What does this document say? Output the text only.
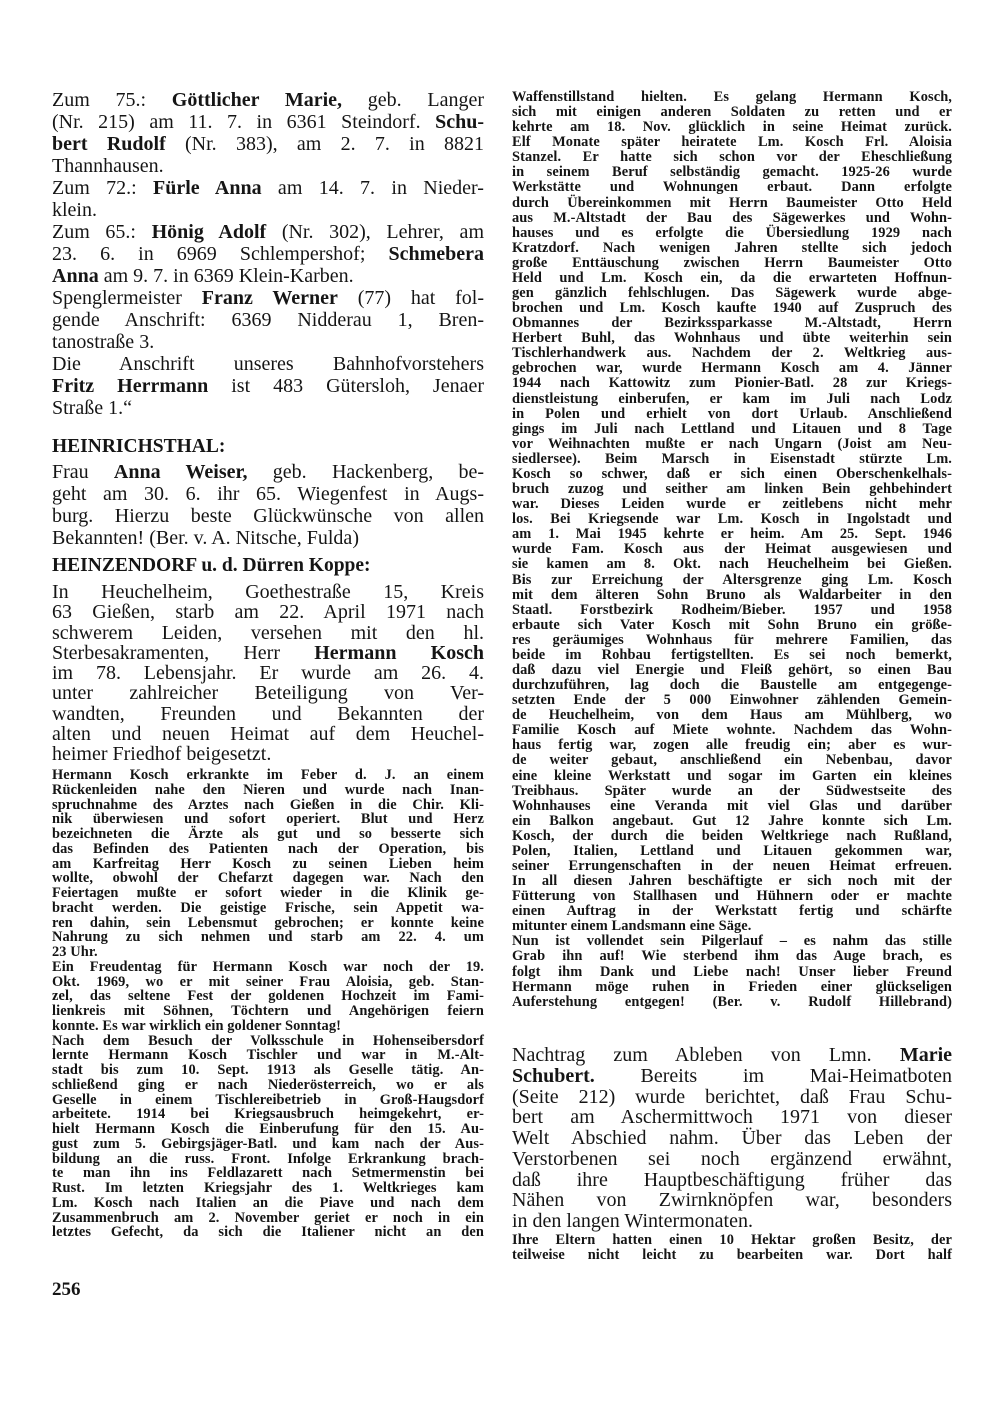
Zum 75.: Göttlicher Marie, geb. Langer
(Nr. 215) am 11. 7. in 6361 Steindorf. Schu-
bert Rudolf (Nr. 383), am 2. 7. in 8821
Thannhausen.
Zum 72.: Fürle Anna am 14. 7. in Nieder-
klein.
Zum 65.: Hönig Adolf (Nr. 302), Lehrer, am
23. 6. in 6969 Schlempershof; Schmebera
Anna am 9. 7. in 6369 Klein-Karben.
Spenglermeister Franz Werner (77) hat fol-
gende Anschrift: 6369 Nidderau 1, Bren-
tanostraße 3.
Die Anschrift unseres Bahnhofvorstehers
Fritz Herrmann ist 483 Gütersloh, Jenaer
Straße 1.“
HEINRICHSTHAL:
Frau Anna Weiser, geb. Hackenberg, be-
geht am 30. 6. ihr 65. Wiegenfest in Augs-
burg. Hierzu beste Glückwünsche von allen
Bekannten! (Ber. v. A. Nitsche, Fulda)
HEINZENDORF u. d. Dürren Koppe:
In Heuchelheim, Goethestraße 15, Kreis
63 Gießen, starb am 22. April 1971 nach
schwerem Leiden, versehen mit den hl.
Sterbesakramenten, Herr Hermann Kosch
im 78. Lebensjahr. Er wurde am 26. 4.
unter zahlreicher Beteiligung von Ver-
wandten, Freunden und Bekannten der
alten und neuen Heimat auf dem Heuchel-
heimer Friedhof beigesetzt.
Hermann Kosch erkrankte im Feber d. J. an einem
Rückenleiden nahe den Nieren und wurde nach Inan-
spruchnahme des Arztes nach Gießen in die Chir. Kli-
nik überwiesen und sofort operiert. Blut und Herz
bezeichneten die Ärzte als gut und so besserte sich
das Befinden des Patienten nach der Operation, bis
am Karfreitag Herr Kosch zu seinen Lieben heim
wollte, obwohl der Chefarzt dagegen war. Nach den
Feiertagen mußte er sofort wieder in die Klinik ge-
bracht werden. Die geistige Frische, sein Appetit wa-
ren dahin, sein Lebensmut gebrochen; er konnte keine
Nahrung zu sich nehmen und starb am 22. 4. um
23 Uhr.
Ein Freudentag für Hermann Kosch war noch der 19.
Okt. 1969, wo er mit seiner Frau Aloisia, geb. Stan-
zel, das seltene Fest der goldenen Hochzeit im Fami-
lienkreis mit Söhnen, Töchtern und Angehörigen feiern
konnte. Es war wirklich ein goldener Sonntag!
Nach dem Besuch der Volksschule in Hohenseibersdorf
lernte Hermann Kosch Tischler und war in M.-Alt-
stadt bis zum 10. Sept. 1913 als Geselle tätig. An-
schließend ging er nach Niederösterreich, wo er als
Geselle in einem Tischlereibetrieb in Groß-Haugsdorf
arbeitete. 1914 bei Kriegsausbruch heimgekehrt, er-
hielt Hermann Kosch die Einberufung für den 15. Au-
gust zum 5. Gebirgsjäger-Batl. und kam nach der Aus-
bildung an die russ. Front. Infolge Erkrankung brach-
te man ihn ins Feldlazarett nach Setmermenstin bei
Rust. Im letzten Kriegsjahr des 1. Weltkrieges kam
Lm. Kosch nach Italien an die Piave und nach dem
Zusammenbruch am 2. November geriet er noch in ein
letztes Gefecht, da sich die Italiener nicht an den
Waffenstillstand hielten. Es gelang Hermann Kosch,
sich mit einigen anderen Soldaten zu retten und er
kehrte am 18. Nov. glücklich in seine Heimat zurück.
Elf Monate später heiratete Lm. Kosch Frl. Aloisia
Stanzel. Er hatte sich schon vor der Eheschließung
in seinem Beruf selbständig gemacht. 1925-26 wurde
Werkstätte und Wohnungen erbaut. Dann erfolgte
durch Übereinkommen mit Herrn Baumeister Otto Held
aus M.-Altstadt der Bau des Sägewerkes und Wohn-
hauses und es erfolgte die Übersiedlung 1929 nach
Kratzdorf. Nach wenigen Jahren stellte sich jedoch
große Enttäuschung zwischen Herrn Baumeister Otto
Held und Lm. Kosch ein, da die erwarteten Hoffnun-
gen gänzlich fehlschlugen. Das Sägewerk wurde abge-
brochen und Lm. Kosch kaufte 1940 auf Zuspruch des
Obmannes der Bezirkssparkasse M.-Altstadt, Herrn
Herbert Buhl, das Wohnhaus und übte weiterhin sein
Tischlerhandwerk aus. Nachdem der 2. Weltkrieg aus-
gebrochen war, wurde Hermann Kosch am 4. Jänner
1944 nach Kattowitz zum Pionier-Batl. 28 zur Kriegs-
dienstleistung einberufen, er kam im Juli nach Lodz
in Polen und erhielt von dort Urlaub. Anschließend
gings im Juli nach Lettland und Litauen und 8 Tage
vor Weihnachten mußte er nach Ungarn (Joist am Neu-
siedlersee). Beim Marsch in Eisenstadt stürzte Lm.
Kosch so schwer, daß er sich einen Oberschenkelhals-
bruch zuzog und seither am linken Bein gehbehindert
war. Dieses Leiden wurde er zeitlebens nicht mehr
los. Bei Kriegsende war Lm. Kosch in Ingolstadt und
am 1. Mai 1945 kehrte er heim. Am 25. Sept. 1946
wurde Fam. Kosch aus der Heimat ausgewiesen und
sie kamen am 8. Okt. nach Heuchelheim bei Gießen.
Bis zur Erreichung der Altersgrenze ging Lm. Kosch
mit dem älteren Sohn Bruno als Waldarbeiter in den
Staatl. Forstbezirk Rodheim/Bieber. 1957 und 1958
erbaute sich Vater Kosch mit Sohn Bruno ein größe-
res geräumiges Wohnhaus für mehrere Familien, das
beide im Rohbau fertigstellten. Es sei noch bemerkt,
daß dazu viel Energie und Fleiß gehört, so einen Bau
durchzuführen, lag doch die Baustelle am entgegenge-
setzten Ende der 5 000 Einwohner zählenden Gemein-
de Heuchelheim, von dem Haus am Mühlberg, wo
Familie Kosch auf Miete wohnte. Nachdem das Wohn-
haus fertig war, zogen alle freudig ein; aber es wur-
de weiter gebaut, anschließend ein Nebenbau, davor
eine kleine Werkstatt und sogar im Garten ein kleines
Treibhaus. Später wurde an der Südwestseite des
Wohnhauses eine Veranda mit viel Glas und darüber
ein Balkon angebaut. Gut 12 Jahre konnte sich Lm.
Kosch, der durch die beiden Weltkriege nach Rußland,
Polen, Italien, Lettland und Litauen gekommen war,
seiner Errungenschaften in der neuen Heimat erfreuen.
In all diesen Jahren beschäftigte er sich noch mit der
Fütterung von Stallhasen und Hühnern oder er machte
einen Auftrag in der Werkstatt fertig und schärfte
mitunter einem Landsmann eine Säge.
Nun ist vollendet sein Pilgerlauf – es nahm das stille
Grab ihn auf! Wie sterbend ihm das Auge brach, es
folgt ihm Dank und Liebe nach! Unser lieber Freund
Hermann möge ruhen in Frieden einer glückseligen
Auferstehung entgegen! (Ber. v. Rudolf Hillebrand)
Nachtrag zum Ableben von Lmn. Marie
Schubert. Bereits im Mai-Heimatboten
(Seite 212) wurde berichtet, daß Frau Schu-
bert am Aschermittwoch 1971 von dieser
Welt Abschied nahm. Über das Leben der
Verstorbenen sei noch ergänzend erwähnt,
daß ihre Hauptbeschäftigung früher das
Nähen von Zwirnknöpfen war, besonders
in den langen Wintermonaten.
Ihre Eltern hatten einen 10 Hektar großen Besitz, der
teilweise nicht leicht zu bearbeiten war. Dort half
256
